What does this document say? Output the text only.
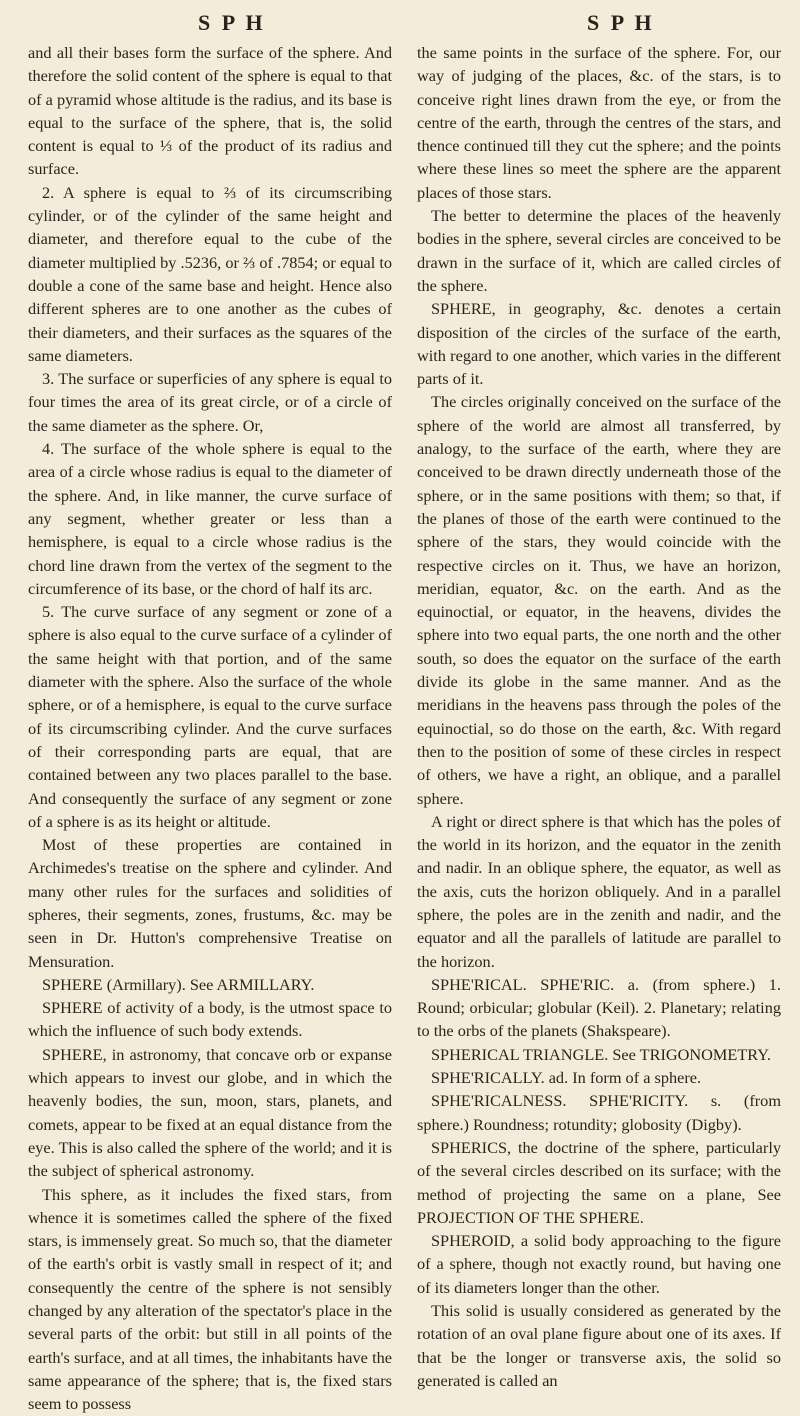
S P H	S P H

and all their bases form the surface of the sphere. And therefore the solid content of the sphere is equal to that of a pyramid whose altitude is the radius, and its base is equal to the surface of the sphere, that is, the solid content is equal to ⅓ of the product of its radius and surface.

2. A sphere is equal to ⅔ of its circumscribing cylinder, or of the cylinder of the same height and diameter, and therefore equal to the cube of the diameter multiplied by .5236, or ⅔ of .7854; or equal to double a cone of the same base and height. Hence also different spheres are to one another as the cubes of their diameters, and their surfaces as the squares of the same diameters.

3. The surface or superficies of any sphere is equal to four times the area of its great circle, or of a circle of the same diameter as the sphere. Or,

4. The surface of the whole sphere is equal to the area of a circle whose radius is equal to the diameter of the sphere. And, in like manner, the curve surface of any segment, whether greater or less than a hemisphere, is equal to a circle whose radius is the chord line drawn from the vertex of the segment to the circumference of its base, or the chord of half its arc.

5. The curve surface of any segment or zone of a sphere is also equal to the curve surface of a cylinder of the same height with that portion, and of the same diameter with the sphere. Also the surface of the whole sphere, or of a hemisphere, is equal to the curve surface of its circumscribing cylinder. And the curve surfaces of their corresponding parts are equal, that are contained between any two places parallel to the base. And consequently the surface of any segment or zone of a sphere is as its height or altitude.

Most of these properties are contained in Archimedes's treatise on the sphere and cylinder. And many other rules for the surfaces and solidities of spheres, their segments, zones, frustums, &c. may be seen in Dr. Hutton's comprehensive Treatise on Mensuration.

SPHERE (Armillary). See ARMILLARY.

SPHERE of activity of a body, is the utmost space to which the influence of such body extends.

SPHERE, in astronomy, that concave orb or expanse which appears to invest our globe, and in which the heavenly bodies, the sun, moon, stars, planets, and comets, appear to be fixed at an equal distance from the eye. This is also called the sphere of the world; and it is the subject of spherical astronomy.

This sphere, as it includes the fixed stars, from whence it is sometimes called the sphere of the fixed stars, is immensely great. So much so, that the diameter of the earth's orbit is vastly small in respect of it; and consequently the centre of the sphere is not sensibly changed by any alteration of the spectator's place in the several parts of the orbit: but still in all points of the earth's surface, and at all times, the inhabitants have the same appearance of the sphere; that is, the fixed stars seem to possess

the same points in the surface of the sphere. For, our way of judging of the places, &c. of the stars, is to conceive right lines drawn from the eye, or from the centre of the earth, through the centres of the stars, and thence continued till they cut the sphere; and the points where these lines so meet the sphere are the apparent places of those stars.

The better to determine the places of the heavenly bodies in the sphere, several circles are conceived to be drawn in the surface of it, which are called circles of the sphere.

SPHERE, in geography, &c. denotes a certain disposition of the circles of the surface of the earth, with regard to one another, which varies in the different parts of it.

The circles originally conceived on the surface of the sphere of the world are almost all transferred, by analogy, to the surface of the earth, where they are conceived to be drawn directly underneath those of the sphere, or in the same positions with them; so that, if the planes of those of the earth were continued to the sphere of the stars, they would coincide with the respective circles on it. Thus, we have an horizon, meridian, equator, &c. on the earth. And as the equinoctial, or equator, in the heavens, divides the sphere into two equal parts, the one north and the other south, so does the equator on the surface of the earth divide its globe in the same manner. And as the meridians in the heavens pass through the poles of the equinoctial, so do those on the earth, &c. With regard then to the position of some of these circles in respect of others, we have a right, an oblique, and a parallel sphere.

A right or direct sphere is that which has the poles of the world in its horizon, and the equator in the zenith and nadir. In an oblique sphere, the equator, as well as the axis, cuts the horizon obliquely. And in a parallel sphere, the poles are in the zenith and nadir, and the equator and all the parallels of latitude are parallel to the horizon.

SPHE'RICAL. SPHE'RIC. a. (from sphere.) 1. Round; orbicular; globular (Keil). 2. Planetary; relating to the orbs of the planets (Shakspeare).

SPHERICAL TRIANGLE. See TRIGONOMETRY.

SPHE'RICALLY. ad. In form of a sphere.

SPHE'RICALNESS. SPHE'RICITY. s. (from sphere.) Roundness; rotundity; globosity (Digby).

SPHERICS, the doctrine of the sphere, particularly of the several circles described on its surface; with the method of projecting the same on a plane, See PROJECTION OF THE SPHERE.

SPHEROID, a solid body approaching to the figure of a sphere, though not exactly round, but having one of its diameters longer than the other.

This solid is usually considered as generated by the rotation of an oval plane figure about one of its axes. If that be the longer or transverse axis, the solid so generated is called an
